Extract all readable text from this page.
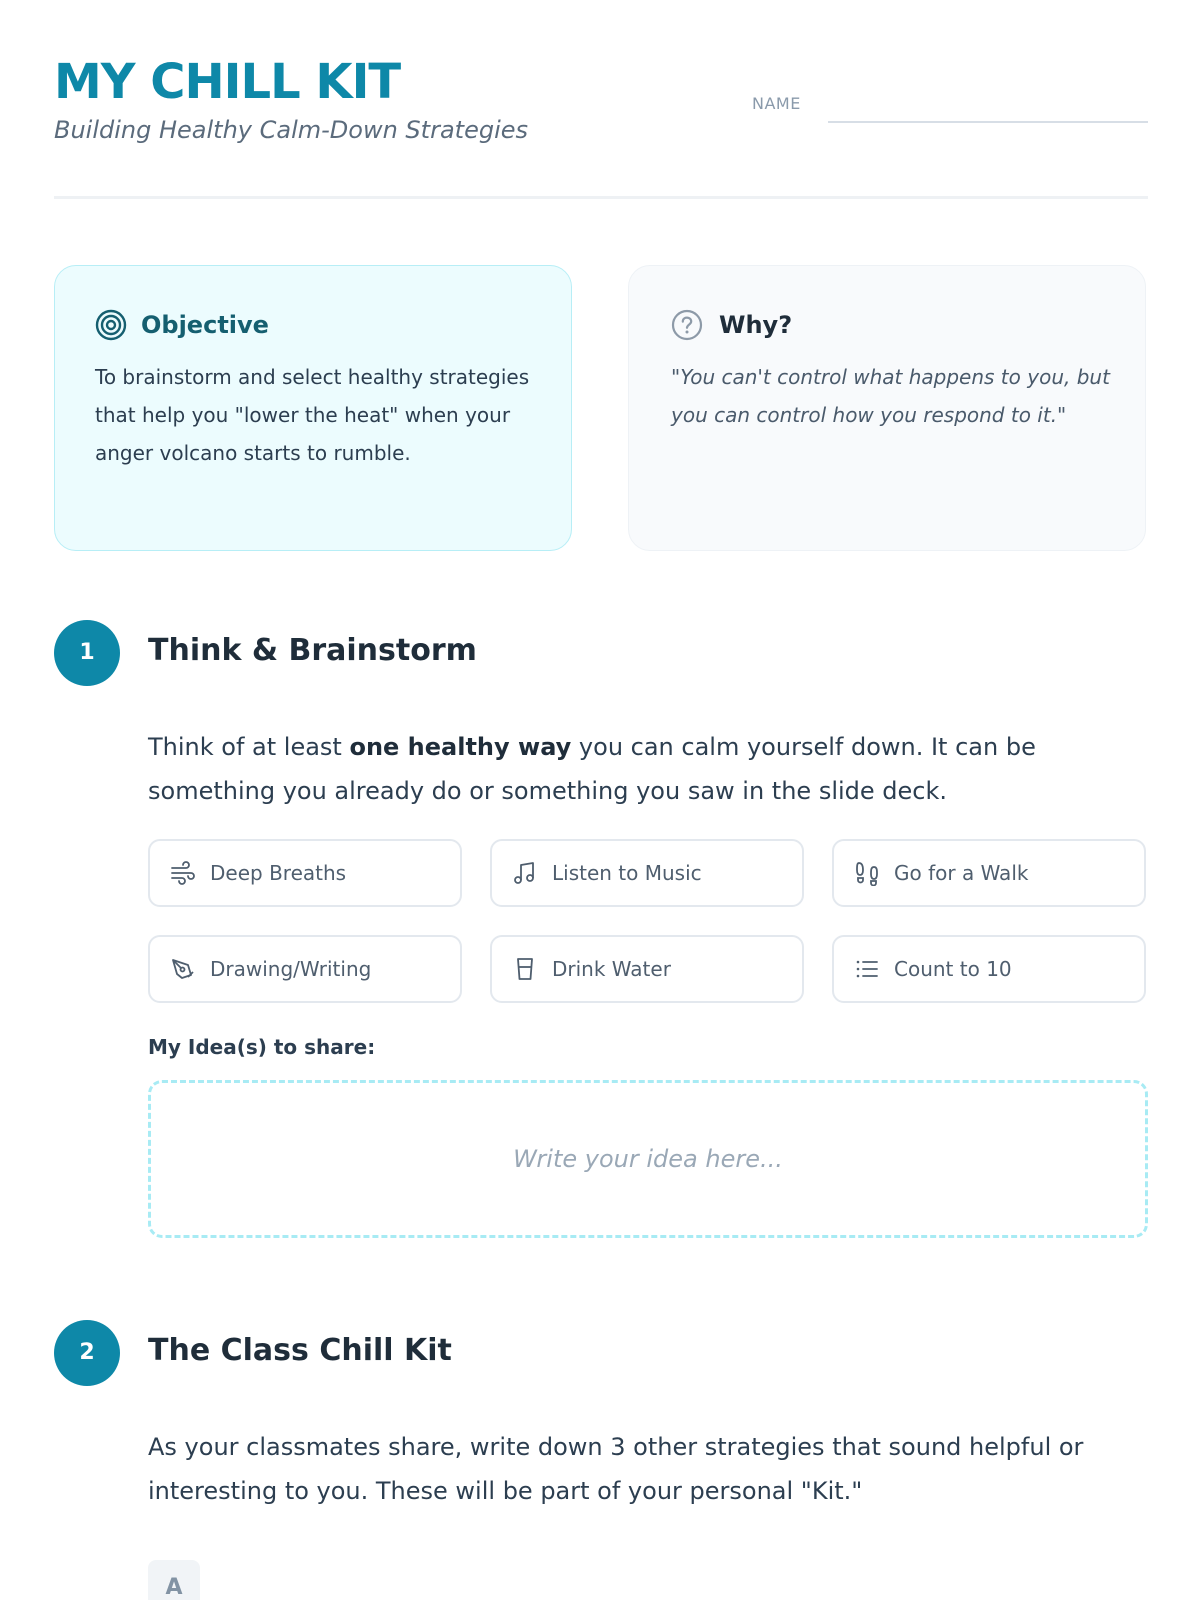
MY CHILL KIT
Building Healthy Calm-Down Strategies
NAME
Objective
To brainstorm and select healthy strategies that help you "lower the heat" when your anger volcano starts to rumble.
Why?
"You can't control what happens to you, but you can control how you respond to it."
1	Think & Brainstorm
Think of at least one healthy way you can calm yourself down. It can be something you already do or something you saw in the slide deck.
Deep Breaths	Listen to Music	Go for a Walk
Drawing/Writing	Drink Water	Count to 10
My Idea(s) to share:
Write your idea here...
2	The Class Chill Kit
As your classmates share, write down 3 other strategies that sound helpful or interesting to you. These will be part of your personal "Kit."
A
